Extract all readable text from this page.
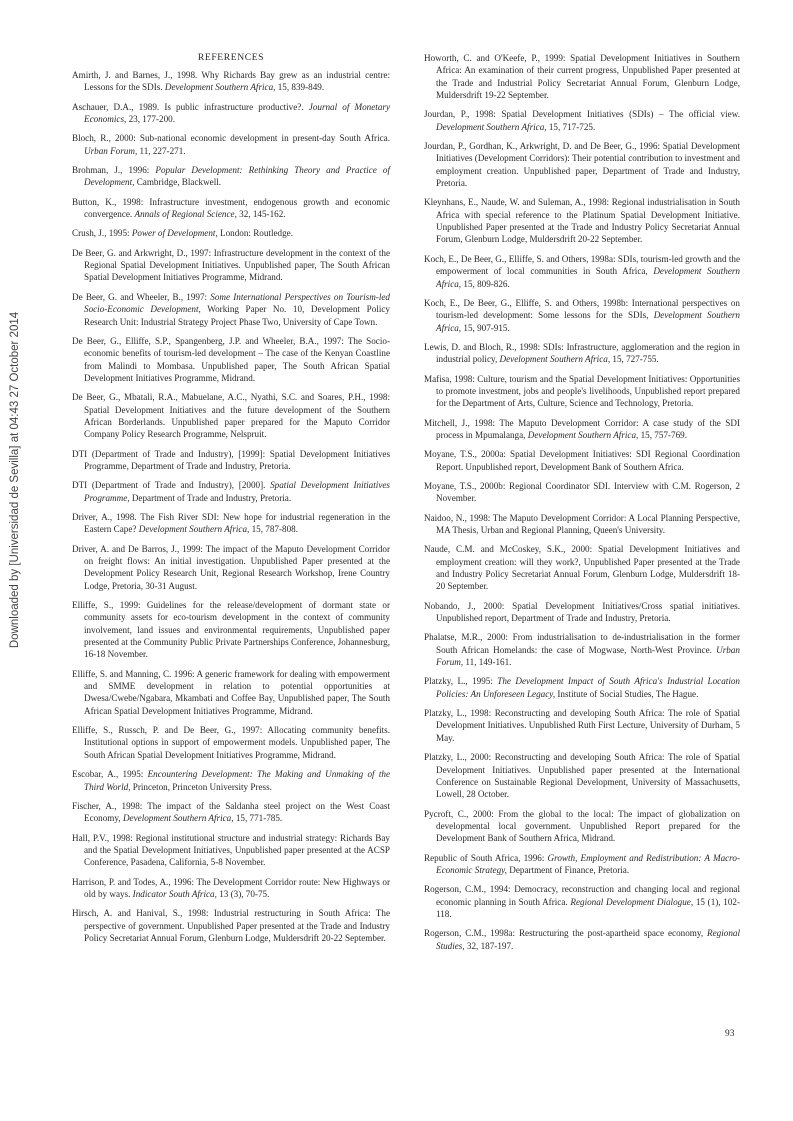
Downloaded by [Universidad de Sevilla] at 04:43 27 October 2014
REFERENCES

Amirth, J. and Barnes, J., 1998. Why Richards Bay grew as an industrial centre: Lessons for the SDIs. Development Southern Africa, 15, 839-849.

Aschauer, D.A., 1989. Is public infrastructure productive?. Journal of Monetary Economics, 23, 177-200.

Bloch, R., 2000: Sub-national economic development in present-day South Africa. Urban Forum, 11, 227-271.

Brohman, J., 1996: Popular Development: Rethinking Theory and Practice of Development, Cambridge, Blackwell.

Button, K., 1998: Infrastructure investment, endogenous growth and economic convergence. Annals of Regional Science, 32, 145-162.

Crush, J., 1995: Power of Development, London: Routledge.

De Beer, G. and Arkwright, D., 1997: Infrastructure development in the context of the Regional Spatial Development Initiatives. Unpublished paper, The South African Spatial Development Initiatives Programme, Midrand.

De Beer, G. and Wheeler, B., 1997: Some International Perspectives on Tourism-led Socio-Economic Development, Working Paper No. 10, Development Policy Research Unit: Industrial Strategy Project Phase Two, University of Cape Town.

De Beer, G., Elliffe, S.P., Spangenberg, J.P. and Wheeler, B.A., 1997: The Socio-economic benefits of tourism-led development – The case of the Kenyan Coastline from Malindi to Mombasa. Unpublished paper, The South African Spatial Development Initiatives Programme, Midrand.

De Beer, G., Mbatali, R.A., Mabuelane, A.C., Nyathi, S.C. and Soares, P.H., 1998: Spatial Development Initiatives and the future development of the Southern African Borderlands. Unpublished paper prepared for the Maputo Corridor Company Policy Research Programme, Nelspruit.

DTI (Department of Trade and Industry), [1999]: Spatial Development Initiatives Programme, Department of Trade and Industry, Pretoria.

DTI (Department of Trade and Industry), [2000]. Spatial Development Initiatives Programme, Department of Trade and Industry, Pretoria.

Driver, A., 1998. The Fish River SDI: New hope for industrial regeneration in the Eastern Cape? Development Southern Africa, 15, 787-808.

Driver, A. and De Barros, J., 1999: The impact of the Maputo Development Corridor on freight flows: An initial investigation. Unpublished Paper presented at the Development Policy Research Unit, Regional Research Workshop, Irene Country Lodge, Pretoria, 30-31 August.

Elliffe, S., 1999: Guidelines for the release/development of dormant state or community assets for eco-tourism development in the context of community involvement, land issues and environmental requirements, Unpublished paper presented at the Community Public Private Partnerships Conference, Johannesburg, 16-18 November.

Elliffe, S. and Manning, C. 1996: A generic framework for dealing with empowerment and SMME development in relation to potential opportunities at Dwesa/Cwebe/Ngabara, Mkambati and Coffee Bay, Unpublished paper, The South African Spatial Development Initiatives Programme, Midrand.

Elliffe, S., Russch, P. and De Beer, G., 1997: Allocating community benefits. Institutional options in support of empowerment models. Unpublished paper, The South African Spatial Development Initiatives Programme, Midrand.

Escobar, A., 1995: Encountering Development: The Making and Unmaking of the Third World, Princeton, Princeton University Press.

Fischer, A., 1998: The impact of the Saldanha steel project on the West Coast Economy, Development Southern Africa, 15, 771-785.

Hall, P.V., 1998: Regional institutional structure and industrial strategy: Richards Bay and the Spatial Development Initiatives, Unpublished paper presented at the ACSP Conference, Pasadena, California, 5-8 November.

Harrison, P. and Todes, A., 1996: The Development Corridor route: New Highways or old by ways. Indicator South Africa, 13 (3), 70-75.

Hirsch, A. and Hanival, S., 1998: Industrial restructuring in South Africa: The perspective of government. Unpublished Paper presented at the Trade and Industry Policy Secretariat Annual Forum, Glenburn Lodge, Muldersdrift 20-22 September.

Howorth, C. and O'Keefe, P., 1999: Spatial Development Initiatives in Southern Africa: An examination of their current progress, Unpublished Paper presented at the Trade and Industrial Policy Secretariat Annual Forum, Glenburn Lodge, Muldersdrift 19-22 September.

Jourdan, P., 1998: Spatial Development Initiatives (SDIs) – The official view. Development Southern Africa, 15, 717-725.

Jourdan, P., Gordhan, K., Arkwright, D. and De Beer, G., 1996: Spatial Development Initiatives (Development Corridors): Their potential contribution to investment and employment creation. Unpublished paper, Department of Trade and Industry, Pretoria.

Kleynhans, E., Naude, W. and Suleman, A., 1998: Regional industrialisation in South Africa with special reference to the Platinum Spatial Development Initiative. Unpublished Paper presented at the Trade and Industry Policy Secretariat Annual Forum, Glenburn Lodge, Muldersdrift 20-22 September.

Koch, E., De Beer, G., Elliffe, S. and Others, 1998a: SDIs, tourism-led growth and the empowerment of local communities in South Africa, Development Southern Africa, 15, 809-826.

Koch, E., De Beer, G., Elliffe, S. and Others, 1998b: International perspectives on tourism-led development: Some lessons for the SDIs, Development Southern Africa, 15, 907-915.

Lewis, D. and Bloch, R., 1998: SDIs: Infrastructure, agglomeration and the region in industrial policy, Development Southern Africa, 15, 727-755.

Mafisa, 1998: Culture, tourism and the Spatial Development Initiatives: Opportunities to promote investment, jobs and people's livelihoods, Unpublished report prepared for the Department of Arts, Culture, Science and Technology, Pretoria.

Mitchell, J., 1998: The Maputo Development Corridor: A case study of the SDI process in Mpumalanga, Development Southern Africa, 15, 757-769.

Moyane, T.S., 2000a: Spatial Development Initiatives: SDI Regional Coordination Report. Unpublished report, Development Bank of Southern Africa.

Moyane, T.S., 2000b: Regional Coordinator SDI. Interview with C.M. Rogerson, 2 November.

Naidoo, N., 1998: The Maputo Development Corridor: A Local Planning Perspective, MA Thesis, Urban and Regional Planning, Queen's University.

Naude, C.M. and McCoskey, S.K., 2000: Spatial Development Initiatives and employment creation: will they work?, Unpublished Paper presented at the Trade and Industry Policy Secretariat Annual Forum, Glenburn Lodge, Muldersdrift 18-20 September.

Nobando, J., 2000: Spatial Development Initiatives/Cross spatial initiatives. Unpublished report, Department of Trade and Industry, Pretoria.

Phalatse, M.R., 2000: From industrialisation to de-industrialisation in the former South African Homelands: the case of Mogwase, North-West Province. Urban Forum, 11, 149-161.

Platzky, L., 1995: The Development Impact of South Africa's Industrial Location Policies: An Unforeseen Legacy, Institute of Social Studies, The Hague.

Platzky, L., 1998: Reconstructing and developing South Africa: The role of Spatial Development Initiatives. Unpublished Ruth First Lecture, University of Durham, 5 May.

Platzky, L., 2000: Reconstructing and developing South Africa: The role of Spatial Development Initiatives. Unpublished paper presented at the International Conference on Sustainable Regional Development, University of Massachusetts, Lowell, 28 October.

Pycroft, C., 2000: From the global to the local: The impact of globalization on developmental local government. Unpublished Report prepared for the Development Bank of Southern Africa, Midrand.

Republic of South Africa, 1996: Growth, Employment and Redistribution: A Macro-Economic Strategy, Department of Finance, Pretoria.

Rogerson, C.M., 1994: Democracy, reconstruction and changing local and regional economic planning in South Africa. Regional Development Dialogue, 15 (1), 102-118.

Rogerson, C.M., 1998a: Restructuring the post-apartheid space economy, Regional Studies, 32, 187-197.

93
